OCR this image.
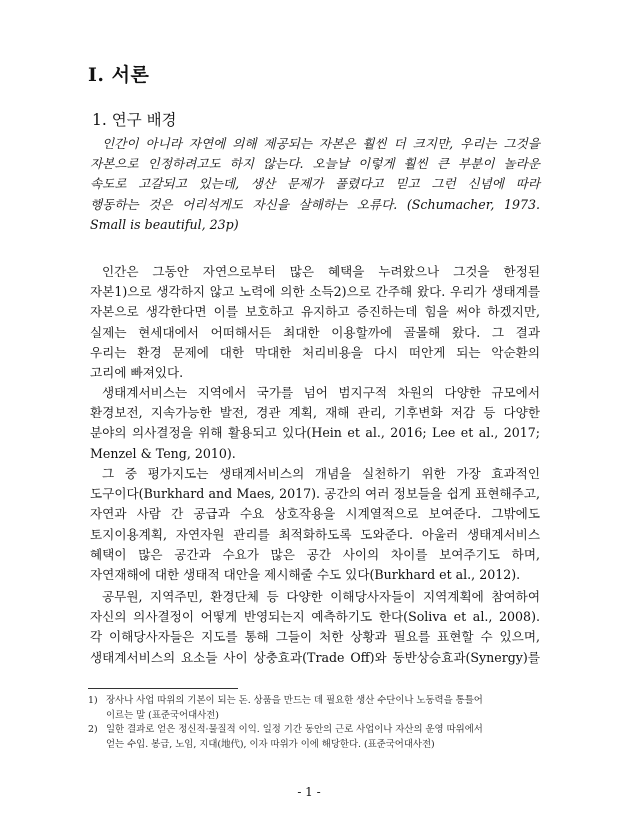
Ⅰ. 서론
1. 연구 배경
인간이 아니라 자연에 의해 제공되는 자본은 훨씬 더 크지만, 우리는 그것을
자본으로 인정하려고도 하지 않는다. 오늘날 이렇게 훨씬 큰 부분이 놀라운
속도로 고갈되고 있는데, 생산 문제가 풀렸다고 믿고 그런 신념에 따라
행동하는 것은 어리석게도 자신을 살해하는 오류다. (Schumacher, 1973.
Small is beautiful, 23p)
인간은 그동안 자연으로부터 많은 혜택을 누려왔으나 그것을 한정된
자본1)으로 생각하지 않고 노력에 의한 소득2)으로 간주해 왔다. 우리가 생태계를
자본으로 생각한다면 이를 보호하고 유지하고 증진하는데 힘을 써야 하겠지만,
실제는 현세대에서 어떠해서든 최대한 이용할까에 골몰해 왔다. 그 결과
우리는 환경 문제에 대한 막대한 처리비용을 다시 떠안게 되는 악순환의
고리에 빠져있다.
생태계서비스는 지역에서 국가를 넘어 범지구적 차원의 다양한 규모에서
환경보전, 지속가능한 발전, 경관 계획, 재해 관리, 기후변화 저감 등 다양한
분야의 의사결정을 위해 활용되고 있다(Hein et al., 2016; Lee et al., 2017;
Menzel & Teng, 2010).
그 중 평가지도는 생태계서비스의 개념을 실천하기 위한 가장 효과적인
도구이다(Burkhard and Maes, 2017). 공간의 여러 정보들을 쉽게 표현해주고,
자연과 사람 간 공급과 수요 상호작용을 시계열적으로 보여준다. 그밖에도
토지이용계획, 자연자원 관리를 최적화하도록 도와준다. 아울러 생태계서비스
혜택이 많은 공간과 수요가 많은 공간 사이의 차이를 보여주기도 하며,
자연재해에 대한 생태적 대안을 제시해줄 수도 있다(Burkhard et al., 2012).
공무원, 지역주민, 환경단체 등 다양한 이해당사자들이 지역계획에 참여하여
자신의 의사결정이 어떻게 반영되는지 예측하기도 한다(Soliva et al., 2008).
각 이해당사자들은 지도를 통해 그들이 처한 상황과 필요를 표현할 수 있으며,
생태계서비스의 요소들 사이 상충효과(Trade Off)와 동반상승효과(Synergy)를
1) 장사나 사업 따위의 기본이 되는 돈. 상품을 만드는 데 필요한 생산 수단이나 노동력을 통틀어
이르는 말 (표준국어대사전)
2) 일한 결과로 얻은 정신적·물질적 이익. 일정 기간 동안의 근로 사업이나 자산의 운영 따위에서
얻는 수입. 봉급, 노임, 지대(地代), 이자 따위가 이에 해당한다. (표준국어대사전)
- 1 -
